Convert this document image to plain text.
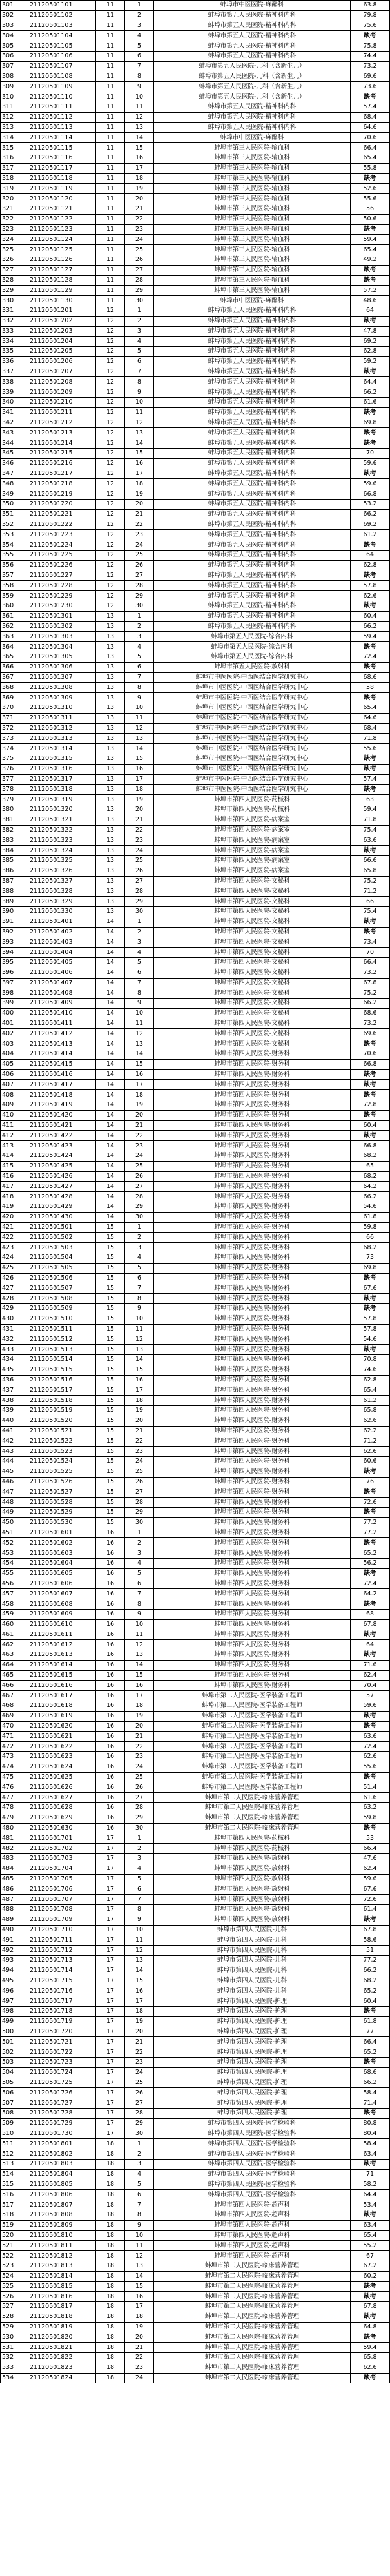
301	21120501101	11	1	蚌埠市中医医院-麻醉科	63.8
302	21120501102	11	2	蚌埠市第五人民医院-精神科内科	79.8
303	21120501103	11	3	蚌埠市第五人民医院-精神科内科	75.6
304	21120501104	11	4	蚌埠市第五人民医院-精神科内科	缺考
305	21120501105	11	5	蚌埠市第五人民医院-精神科内科	75.8
306	21120501106	11	6	蚌埠市第五人民医院-精神科内科	74.4
307	21120501107	11	7	蚌埠市第五人民医院-儿科（含新生儿）	73.2
308	21120501108	11	8	蚌埠市第五人民医院-儿科（含新生儿）	69.6
309	21120501109	11	9	蚌埠市第五人民医院-儿科（含新生儿）	73.6
310	21120501110	11	10	蚌埠市第五人民医院-儿科（含新生儿）	缺考
311	21120501111	11	11	蚌埠市第五人民医院-精神科内科	57.4
312	21120501112	11	12	蚌埠市第五人民医院-精神科内科	68.4
313	21120501113	11	13	蚌埠市第五人民医院-精神科内科	64.6
314	21120501114	11	14	蚌埠市中医医院-麻醉科	70.6
315	21120501115	11	15	蚌埠市第三人民医院-输血科	66.4
316	21120501116	11	16	蚌埠市第三人民医院-输血科	65.4
317	21120501117	11	17	蚌埠市第三人民医院-输血科	55.8
318	21120501118	11	18	蚌埠市第三人民医院-输血科	缺考
319	21120501119	11	19	蚌埠市第三人民医院-输血科	52.6
320	21120501120	11	20	蚌埠市第三人民医院-输血科	55.6
321	21120501121	11	21	蚌埠市第三人民医院-输血科	56
322	21120501122	11	22	蚌埠市第三人民医院-输血科	50.6
323	21120501123	11	23	蚌埠市第三人民医院-输血科	缺考
324	21120501124	11	24	蚌埠市第三人民医院-输血科	59.4
325	21120501125	11	25	蚌埠市第三人民医院-输血科	65.4
326	21120501126	11	26	蚌埠市第三人民医院-输血科	49.2
327	21120501127	11	27	蚌埠市第三人民医院-输血科	缺考
328	21120501128	11	28	蚌埠市第三人民医院-输血科	缺考
329	21120501129	11	29	蚌埠市第三人民医院-输血科	57.2
330	21120501130	11	30	蚌埠市中医医院-麻醉科	48.6
331	21120501201	12	1	蚌埠市第五人民医院-精神科内科	64
332	21120501202	12	2	蚌埠市第五人民医院-精神科内科	缺考
333	21120501203	12	3	蚌埠市第五人民医院-精神科内科	47.8
334	21120501204	12	4	蚌埠市第五人民医院-精神科内科	69.2
335	21120501205	12	5	蚌埠市第五人民医院-精神科内科	62.8
336	21120501206	12	6	蚌埠市第五人民医院-精神科内科	59.2
337	21120501207	12	7	蚌埠市第五人民医院-精神科内科	缺考
338	21120501208	12	8	蚌埠市第五人民医院-精神科内科	64.4
339	21120501209	12	9	蚌埠市第五人民医院-精神科内科	66.2
340	21120501210	12	10	蚌埠市第五人民医院-精神科内科	61.6
341	21120501211	12	11	蚌埠市第五人民医院-精神科内科	缺考
342	21120501212	12	12	蚌埠市第五人民医院-精神科内科	69.8
343	21120501213	12	13	蚌埠市第五人民医院-精神科内科	缺考
344	21120501214	12	14	蚌埠市第五人民医院-精神科内科	缺考
345	21120501215	12	15	蚌埠市第五人民医院-精神科内科	70
346	21120501216	12	16	蚌埠市第五人民医院-精神科内科	59.6
347	21120501217	12	17	蚌埠市第五人民医院-精神科内科	缺考
348	21120501218	12	18	蚌埠市第五人民医院-精神科内科	59.6
349	21120501219	12	19	蚌埠市第五人民医院-精神科内科	66.8
350	21120501220	12	20	蚌埠市第五人民医院-精神科内科	53.2
351	21120501221	12	21	蚌埠市第五人民医院-精神科内科	66.2
352	21120501222	12	22	蚌埠市第五人民医院-精神科内科	69.2
353	21120501223	12	23	蚌埠市第五人民医院-精神科内科	61.2
354	21120501224	12	24	蚌埠市第五人民医院-精神科内科	缺考
355	21120501225	12	25	蚌埠市第五人民医院-精神科内科	64
356	21120501226	12	26	蚌埠市第五人民医院-精神科内科	62.8
357	21120501227	12	27	蚌埠市第五人民医院-精神科内科	缺考
358	21120501228	12	28	蚌埠市第五人民医院-精神科内科	57.8
359	21120501229	12	29	蚌埠市第五人民医院-精神科内科	62.6
360	21120501230	12	30	蚌埠市第五人民医院-精神科内科	缺考
361	21120501301	13	1	蚌埠市第五人民医院-精神科内科	60.4
362	21120501302	13	2	蚌埠市第五人民医院-精神科内科	66.2
363	21120501303	13	3	蚌埠市第五人民医院-综合内科	59.4
364	21120501304	13	4	蚌埠市第五人民医院-综合内科	缺考
365	21120501305	13	5	蚌埠市第五人民医院-综合内科	72.4
366	21120501306	13	6	蚌埠市第五人民医院-放射科	缺考
367	21120501307	13	7	蚌埠市中医医院-中西医结合医学研究中心	68.6
368	21120501308	13	8	蚌埠市中医医院-中西医结合医学研究中心	58
369	21120501309	13	9	蚌埠市中医医院-中西医结合医学研究中心	缺考
370	21120501310	13	10	蚌埠市中医医院-中西医结合医学研究中心	65.4
371	21120501311	13	11	蚌埠市中医医院-中西医结合医学研究中心	64.6
372	21120501312	13	12	蚌埠市中医医院-中西医结合医学研究中心	68.4
373	21120501313	13	13	蚌埠市中医医院-中西医结合医学研究中心	71.8
374	21120501314	13	14	蚌埠市中医医院-中西医结合医学研究中心	55.6
375	21120501315	13	15	蚌埠市中医医院-中西医结合医学研究中心	缺考
376	21120501316	13	16	蚌埠市中医医院-中西医结合医学研究中心	缺考
377	21120501317	13	17	蚌埠市中医医院-中西医结合医学研究中心	57.4
378	21120501318	13	18	蚌埠市中医医院-中西医结合医学研究中心	缺考
379	21120501319	13	19	蚌埠市第四人民医院-药械科	63
380	21120501320	13	20	蚌埠市第四人民医院-药械科	59.4
381	21120501321	13	21	蚌埠市第四人民医院-病案室	71.8
382	21120501322	13	22	蚌埠市第四人民医院-病案室	75.4
383	21120501323	13	23	蚌埠市第四人民医院-病案室	63.6
384	21120501324	13	24	蚌埠市第四人民医院-病案室	缺考
385	21120501325	13	25	蚌埠市第四人民医院-病案室	66.6
386	21120501326	13	26	蚌埠市第四人民医院-病案室	65.8
387	21120501327	13	27	蚌埠市第四人民医院-文秘科	75.2
388	21120501328	13	28	蚌埠市第四人民医院-文秘科	71.2
389	21120501329	13	29	蚌埠市第四人民医院-文秘科	66
390	21120501330	13	30	蚌埠市第四人民医院-文秘科	75.4
391	21120501401	14	1	蚌埠市第四人民医院-文秘科	缺考
392	21120501402	14	2	蚌埠市第四人民医院-文秘科	缺考
393	21120501403	14	3	蚌埠市第四人民医院-文秘科	73.4
394	21120501404	14	4	蚌埠市第四人民医院-文秘科	70
395	21120501405	14	5	蚌埠市第四人民医院-文秘科	66.4
396	21120501406	14	6	蚌埠市第四人民医院-文秘科	73.2
397	21120501407	14	7	蚌埠市第四人民医院-文秘科	67.8
398	21120501408	14	8	蚌埠市第四人民医院-文秘科	75.2
399	21120501409	14	9	蚌埠市第四人民医院-文秘科	66.2
400	21120501410	14	10	蚌埠市第四人民医院-文秘科	68.6
401	21120501411	14	11	蚌埠市第四人民医院-文秘科	73.2
402	21120501412	14	12	蚌埠市第四人民医院-文秘科	69.6
403	21120501413	14	13	蚌埠市第四人民医院-文秘科	缺考
404	21120501414	14	14	蚌埠市第四人民医院-财务科	70.6
405	21120501415	14	15	蚌埠市第四人民医院-财务科	66.8
406	21120501416	14	16	蚌埠市第四人民医院-财务科	缺考
407	21120501417	14	17	蚌埠市第四人民医院-财务科	缺考
408	21120501418	14	18	蚌埠市第四人民医院-财务科	缺考
409	21120501419	14	19	蚌埠市第四人民医院-财务科	72.8
410	21120501420	14	20	蚌埠市第四人民医院-财务科	缺考
411	21120501421	14	21	蚌埠市第四人民医院-财务科	60.4
412	21120501422	14	22	蚌埠市第四人民医院-财务科	缺考
413	21120501423	14	23	蚌埠市第四人民医院-财务科	66.8
414	21120501424	14	24	蚌埠市第四人民医院-财务科	68.2
415	21120501425	14	25	蚌埠市第四人民医院-财务科	65
416	21120501426	14	26	蚌埠市第四人民医院-财务科	68.2
417	21120501427	14	27	蚌埠市第四人民医院-财务科	64.2
418	21120501428	14	28	蚌埠市第四人民医院-财务科	66.2
419	21120501429	14	29	蚌埠市第四人民医院-财务科	54.6
420	21120501430	14	30	蚌埠市第四人民医院-财务科	61.8
421	21120501501	15	1	蚌埠市第四人民医院-财务科	59.8
422	21120501502	15	2	蚌埠市第四人民医院-财务科	66
423	21120501503	15	3	蚌埠市第四人民医院-财务科	68.2
424	21120501504	15	4	蚌埠市第四人民医院-财务科	73
425	21120501505	15	5	蚌埠市第四人民医院-财务科	69.8
426	21120501506	15	6	蚌埠市第四人民医院-财务科	缺考
427	21120501507	15	7	蚌埠市第四人民医院-财务科	67.6
428	21120501508	15	8	蚌埠市第四人民医院-财务科	缺考
429	21120501509	15	9	蚌埠市第四人民医院-财务科	缺考
430	21120501510	15	10	蚌埠市第四人民医院-财务科	57.8
431	21120501511	15	11	蚌埠市第四人民医院-财务科	57.8
432	21120501512	15	12	蚌埠市第四人民医院-财务科	54.6
433	21120501513	15	13	蚌埠市第四人民医院-财务科	缺考
434	21120501514	15	14	蚌埠市第四人民医院-财务科	70.8
435	21120501515	15	15	蚌埠市第四人民医院-财务科	74.6
436	21120501516	15	16	蚌埠市第四人民医院-财务科	62.8
437	21120501517	15	17	蚌埠市第四人民医院-财务科	65.4
438	21120501518	15	18	蚌埠市第四人民医院-财务科	61.2
439	21120501519	15	19	蚌埠市第四人民医院-财务科	65.8
440	21120501520	15	20	蚌埠市第四人民医院-财务科	62.6
441	21120501521	15	21	蚌埠市第四人民医院-财务科	62.2
442	21120501522	15	22	蚌埠市第四人民医院-财务科	71.2
443	21120501523	15	23	蚌埠市第四人民医院-财务科	62.6
444	21120501524	15	24	蚌埠市第四人民医院-财务科	60.6
445	21120501525	15	25	蚌埠市第四人民医院-财务科	缺考
446	21120501526	15	26	蚌埠市第四人民医院-财务科	76
447	21120501527	15	27	蚌埠市第四人民医院-财务科	缺考
448	21120501528	15	28	蚌埠市第四人民医院-财务科	72.6
449	21120501529	15	29	蚌埠市第四人民医院-财务科	缺考
450	21120501530	15	30	蚌埠市第四人民医院-财务科	77.2
451	21120501601	16	1	蚌埠市第四人民医院-财务科	77.2
452	21120501602	16	2	蚌埠市第四人民医院-财务科	缺考
453	21120501603	16	3	蚌埠市第四人民医院-财务科	65.2
454	21120501604	16	4	蚌埠市第四人民医院-财务科	56.2
455	21120501605	16	5	蚌埠市第四人民医院-财务科	缺考
456	21120501606	16	6	蚌埠市第四人民医院-财务科	72.4
457	21120501607	16	7	蚌埠市第四人民医院-财务科	64.2
458	21120501608	16	8	蚌埠市第四人民医院-财务科	缺考
459	21120501609	16	9	蚌埠市第四人民医院-财务科	68
460	21120501610	16	10	蚌埠市第四人民医院-财务科	67.8
461	21120501611	16	11	蚌埠市第四人民医院-财务科	缺考
462	21120501612	16	12	蚌埠市第四人民医院-财务科	64
463	21120501613	16	13	蚌埠市第四人民医院-财务科	缺考
464	21120501614	16	14	蚌埠市第四人民医院-财务科	71.6
465	21120501615	16	15	蚌埠市第四人民医院-财务科	62.4
466	21120501616	16	16	蚌埠市第四人民医院-财务科	70.4
467	21120501617	16	17	蚌埠市第二人民医院-医学装备工程师	57
468	21120501618	16	18	蚌埠市第二人民医院-医学装备工程师	59.6
469	21120501619	16	19	蚌埠市第二人民医院-医学装备工程师	缺考
470	21120501620	16	20	蚌埠市第二人民医院-医学装备工程师	缺考
471	21120501621	16	21	蚌埠市第二人民医院-医学装备工程师	63.6
472	21120501622	16	22	蚌埠市第二人民医院-医学装备工程师	72.4
473	21120501623	16	23	蚌埠市第二人民医院-医学装备工程师	62.6
474	21120501624	16	24	蚌埠市第二人民医院-医学装备工程师	55.6
475	21120501625	16	25	蚌埠市第二人民医院-医学装备工程师	缺考
476	21120501626	16	26	蚌埠市第二人民医院-医学装备工程师	51.4
477	21120501627	16	27	蚌埠市第二人民医院-临床营养管理	61.6
478	21120501628	16	28	蚌埠市第二人民医院-临床营养管理	63.2
479	21120501629	16	29	蚌埠市第二人民医院-临床营养管理	59.8
480	21120501630	16	30	蚌埠市第二人民医院-临床营养管理	缺考
481	21120501701	17	1	蚌埠市第四人民医院-药械科	53
482	21120501702	17	2	蚌埠市第四人民医院-药械科	66.4
483	21120501703	17	3	蚌埠市第四人民医院-放射科	47.6
484	21120501704	17	4	蚌埠市第四人民医院-放射科	62.4
485	21120501705	17	5	蚌埠市第四人民医院-放射科	59.6
486	21120501706	17	6	蚌埠市第四人民医院-放射科	67.6
487	21120501707	17	7	蚌埠市第四人民医院-放射科	72.6
488	21120501708	17	8	蚌埠市第四人民医院-放射科	61.4
489	21120501709	17	9	蚌埠市第四人民医院-放射科	缺考
490	21120501710	17	10	蚌埠市第四人民医院-儿科	67.8
491	21120501711	17	11	蚌埠市第四人民医院-儿科	58.6
492	21120501712	17	12	蚌埠市第四人民医院-儿科	51
493	21120501713	17	13	蚌埠市第四人民医院-儿科	77.2
494	21120501714	17	14	蚌埠市第四人民医院-儿科	66.2
495	21120501715	17	15	蚌埠市第四人民医院-儿科	68.2
496	21120501716	17	16	蚌埠市第四人民医院-儿科	65.2
497	21120501717	17	17	蚌埠市第四人民医院-护理	60.4
498	21120501718	17	18	蚌埠市第四人民医院-护理	缺考
499	21120501719	17	19	蚌埠市第四人民医院-护理	61.8
500	21120501720	17	20	蚌埠市第四人民医院-护理	77
501	21120501721	17	21	蚌埠市第四人民医院-护理	66.4
502	21120501722	17	22	蚌埠市第四人民医院-护理	65.2
503	21120501723	17	23	蚌埠市第四人民医院-护理	缺考
504	21120501724	17	24	蚌埠市第四人民医院-护理	68.6
505	21120501725	17	25	蚌埠市第四人民医院-护理	66.2
506	21120501726	17	26	蚌埠市第四人民医院-护理	58.4
507	21120501727	17	27	蚌埠市第四人民医院-护理	71.4
508	21120501728	17	28	蚌埠市第四人民医院-护理	缺考
509	21120501729	17	29	蚌埠市第四人民医院-医学检验科	80.8
510	21120501730	17	30	蚌埠市第四人民医院-医学检验科	80.4
511	21120501801	18	1	蚌埠市第四人民医院-医学检验科	58.4
512	21120501802	18	2	蚌埠市第四人民医院-医学检验科	63.4
513	21120501803	18	3	蚌埠市第四人民医院-医学检验科	缺考
514	21120501804	18	4	蚌埠市第四人民医院-医学检验科	71
515	21120501805	18	5	蚌埠市第四人民医院-医学检验科	58.2
516	21120501806	18	6	蚌埠市第四人民医院-医学检验科	64.4
517	21120501807	18	7	蚌埠市第四人民医院-超声科	53.4
518	21120501808	18	8	蚌埠市第四人民医院-超声科	缺考
519	21120501809	18	9	蚌埠市第四人民医院-超声科	63.4
520	21120501810	18	10	蚌埠市第四人民医院-超声科	65.4
521	21120501811	18	11	蚌埠市第四人民医院-超声科	55.2
522	21120501812	18	12	蚌埠市第四人民医院-超声科	67
523	21120501813	18	13	蚌埠市第二人民医院-临床营养管理	67.2
524	21120501814	18	14	蚌埠市第二人民医院-临床营养管理	60.2
525	21120501815	18	15	蚌埠市第二人民医院-临床营养管理	缺考
526	21120501816	18	16	蚌埠市第二人民医院-临床营养管理	缺考
527	21120501817	18	17	蚌埠市第二人民医院-临床营养管理	67.8
528	21120501818	18	18	蚌埠市第二人民医院-临床营养管理	缺考
529	21120501819	18	19	蚌埠市第二人民医院-临床营养管理	64.8
530	21120501820	18	20	蚌埠市第二人民医院-临床营养管理	缺考
531	21120501821	18	21	蚌埠市第二人民医院-临床营养管理	59.4
532	21120501822	18	22	蚌埠市第二人民医院-临床营养管理	65.8
533	21120501823	18	23	蚌埠市第二人民医院-临床营养管理	62.6
534	21120501824	18	24	蚌埠市第二人民医院-临床营养管理	缺考
